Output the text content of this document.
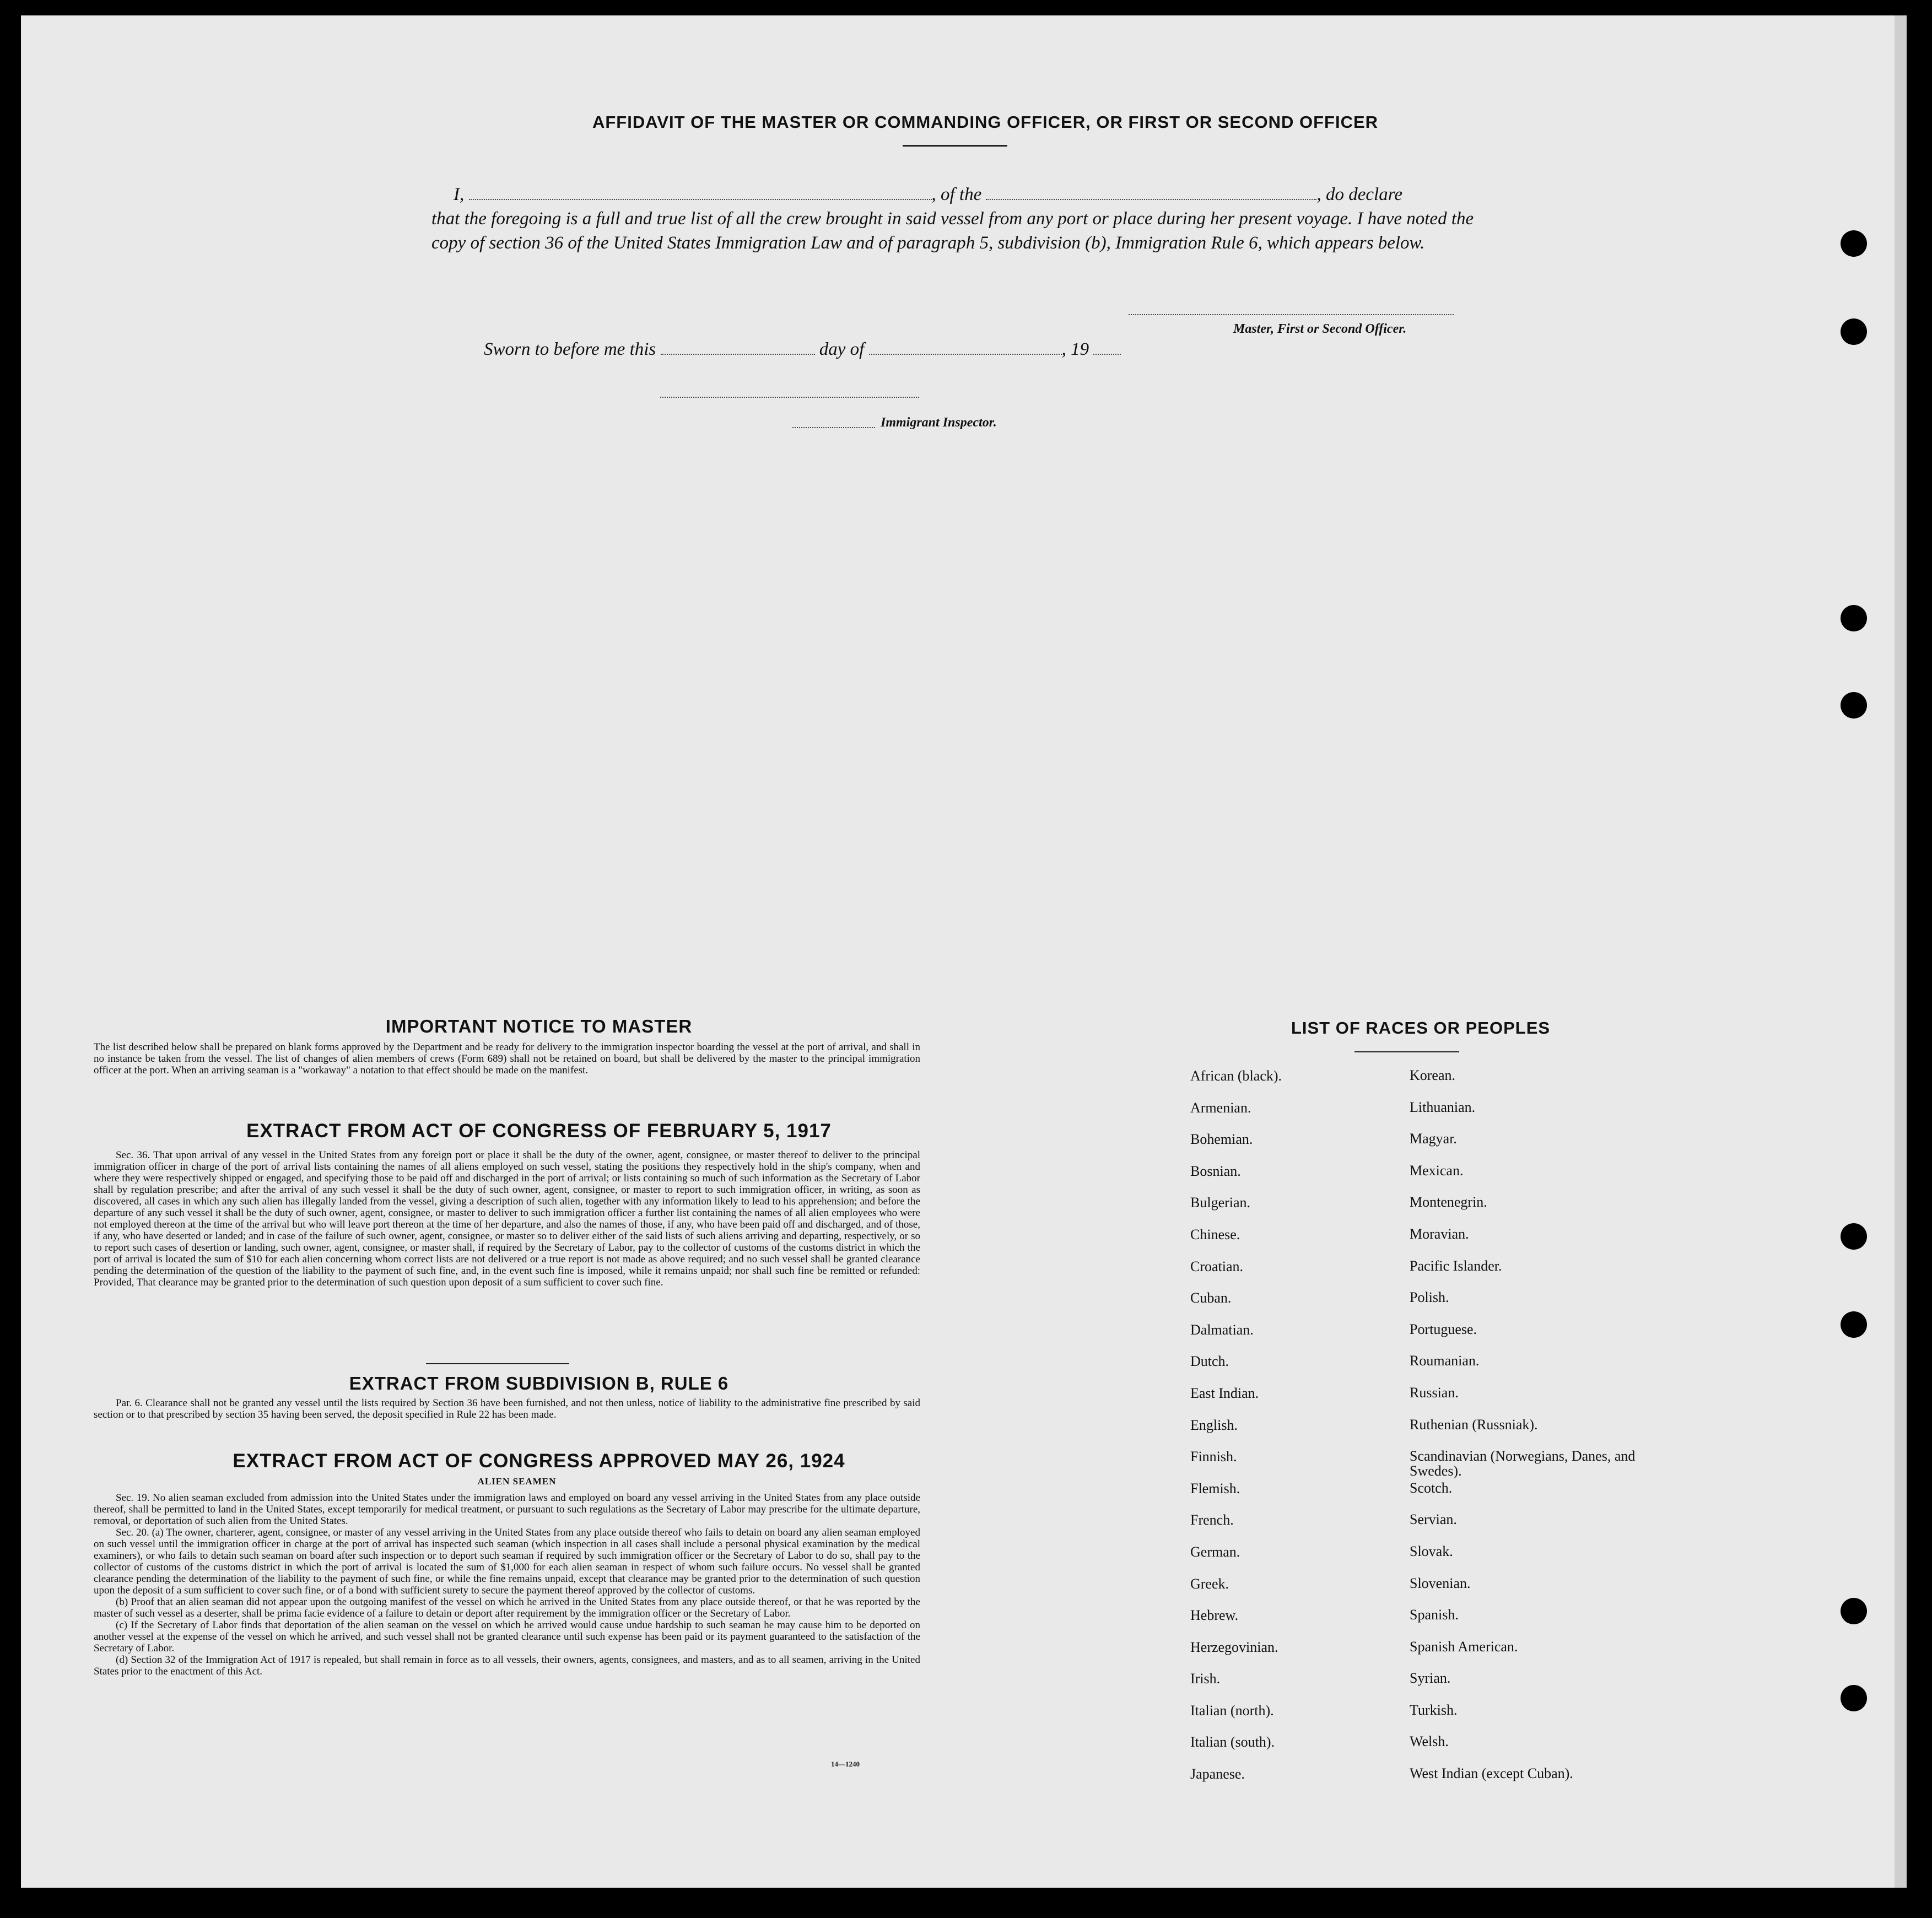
AFFIDAVIT OF THE MASTER OR COMMANDING OFFICER, OR FIRST OR SECOND OFFICER
I,	, of the	, do declare
that the foregoing is a full and true list of all the crew brought in said vessel from any port or place during her present voyage. I have noted the copy of section 36 of the United States Immigration Law and of paragraph 5, subdivision (b), Immigration Rule 6, which appears below.
Master, First or Second Officer.
Sworn to before me this	day of	, 19
Immigrant Inspector.
IMPORTANT NOTICE TO MASTER
The list described below shall be prepared on blank forms approved by the Department and be ready for delivery to the immigration inspector boarding the vessel at the port of arrival, and shall in no instance be taken from the vessel. The list of changes of alien members of crews (Form 689) shall not be retained on board, but shall be delivered by the master to the principal immigration officer at the port. When an arriving seaman is a "workaway" a notation to that effect should be made on the manifest.
EXTRACT FROM ACT OF CONGRESS OF FEBRUARY 5, 1917
Sec. 36. That upon arrival of any vessel in the United States from any foreign port or place it shall be the duty of the owner, agent, consignee, or master thereof to deliver to the principal immigration officer in charge of the port of arrival lists containing the names of all aliens employed on such vessel, stating the positions they respectively hold in the ship's company, when and where they were respectively shipped or engaged, and specifying those to be paid off and discharged in the port of arrival; or lists containing so much of such information as the Secretary of Labor shall by regulation prescribe; and after the arrival of any such vessel it shall be the duty of such owner, agent, consignee, or master to report to such immigration officer, in writing, as soon as discovered, all cases in which any such alien has illegally landed from the vessel, giving a description of such alien, together with any information likely to lead to his apprehension; and before the departure of any such vessel it shall be the duty of such owner, agent, consignee, or master to deliver to such immigration officer a further list containing the names of all alien employees who were not employed thereon at the time of the arrival but who will leave port thereon at the time of her departure, and also the names of those, if any, who have been paid off and discharged, and of those, if any, who have deserted or landed; and in case of the failure of such owner, agent, consignee, or master so to deliver either of the said lists of such aliens arriving and departing, respectively, or so to report such cases of desertion or landing, such owner, agent, consignee, or master shall, if required by the Secretary of Labor, pay to the collector of customs of the customs district in which the port of arrival is located the sum of $10 for each alien concerning whom correct lists are not delivered or a true report is not made as above required; and no such vessel shall be granted clearance pending the determination of the question of the liability to the payment of such fine, and, in the event such fine is imposed, while it remains unpaid; nor shall such fine be remitted or refunded: Provided, That clearance may be granted prior to the determination of such question upon deposit of a sum sufficient to cover such fine.
EXTRACT FROM SUBDIVISION B, RULE 6
Par. 6. Clearance shall not be granted any vessel until the lists required by Section 36 have been furnished, and not then unless, notice of liability to the administrative fine prescribed by said section or to that prescribed by section 35 having been served, the deposit specified in Rule 22 has been made.
EXTRACT FROM ACT OF CONGRESS APPROVED MAY 26, 1924
ALIEN SEAMEN
Sec. 19. No alien seaman excluded from admission into the United States under the immigration laws and employed on board any vessel arriving in the United States from any place outside thereof, shall be permitted to land in the United States, except temporarily for medical treatment, or pursuant to such regulations as the Secretary of Labor may prescribe for the ultimate departure, removal, or deportation of such alien from the United States.
Sec. 20. (a) The owner, charterer, agent, consignee, or master of any vessel arriving in the United States from any place outside thereof who fails to detain on board any alien seaman employed on such vessel until the immigration officer in charge at the port of arrival has inspected such seaman (which inspection in all cases shall include a personal physical examination by the medical examiners), or who fails to detain such seaman on board after such inspection or to deport such seaman if required by such immigration officer or the Secretary of Labor to do so, shall pay to the collector of customs of the customs district in which the port of arrival is located the sum of $1,000 for each alien seaman in respect of whom such failure occurs. No vessel shall be granted clearance pending the determination of the liability to the payment of such fine, or while the fine remains unpaid, except that clearance may be granted prior to the determination of such question upon the deposit of a sum sufficient to cover such fine, or of a bond with sufficient surety to secure the payment thereof approved by the collector of customs.
(b) Proof that an alien seaman did not appear upon the outgoing manifest of the vessel on which he arrived in the United States from any place outside thereof, or that he was reported by the master of such vessel as a deserter, shall be prima facie evidence of a failure to detain or deport after requirement by the immigration officer or the Secretary of Labor.
(c) If the Secretary of Labor finds that deportation of the alien seaman on the vessel on which he arrived would cause undue hardship to such seaman he may cause him to be deported on another vessel at the expense of the vessel on which he arrived, and such vessel shall not be granted clearance until such expense has been paid or its payment guaranteed to the satisfaction of the Secretary of Labor.
(d) Section 32 of the Immigration Act of 1917 is repealed, but shall remain in force as to all vessels, their owners, agents, consignees, and masters, and as to all seamen, arriving in the United States prior to the enactment of this Act.
14—1240
LIST OF RACES OR PEOPLES
African (black).	Korean.
Armenian.	Lithuanian.
Bohemian.	Magyar.
Bosnian.	Mexican.
Bulgerian.	Montenegrin.
Chinese.	Moravian.
Croatian.	Pacific Islander.
Cuban.	Polish.
Dalmatian.	Portuguese.
Dutch.	Roumanian.
East Indian.	Russian.
English.	Ruthenian (Russniak).
Finnish.	Scandinavian (Norwegians, Danes, and Swedes).
Flemish.	Scotch.
French.	Servian.
German.	Slovak.
Greek.	Slovenian.
Hebrew.	Spanish.
Herzegovinian.	Spanish American.
Irish.	Syrian.
Italian (north).	Turkish.
Italian (south).	Welsh.
Japanese.	West Indian (except Cuban).
